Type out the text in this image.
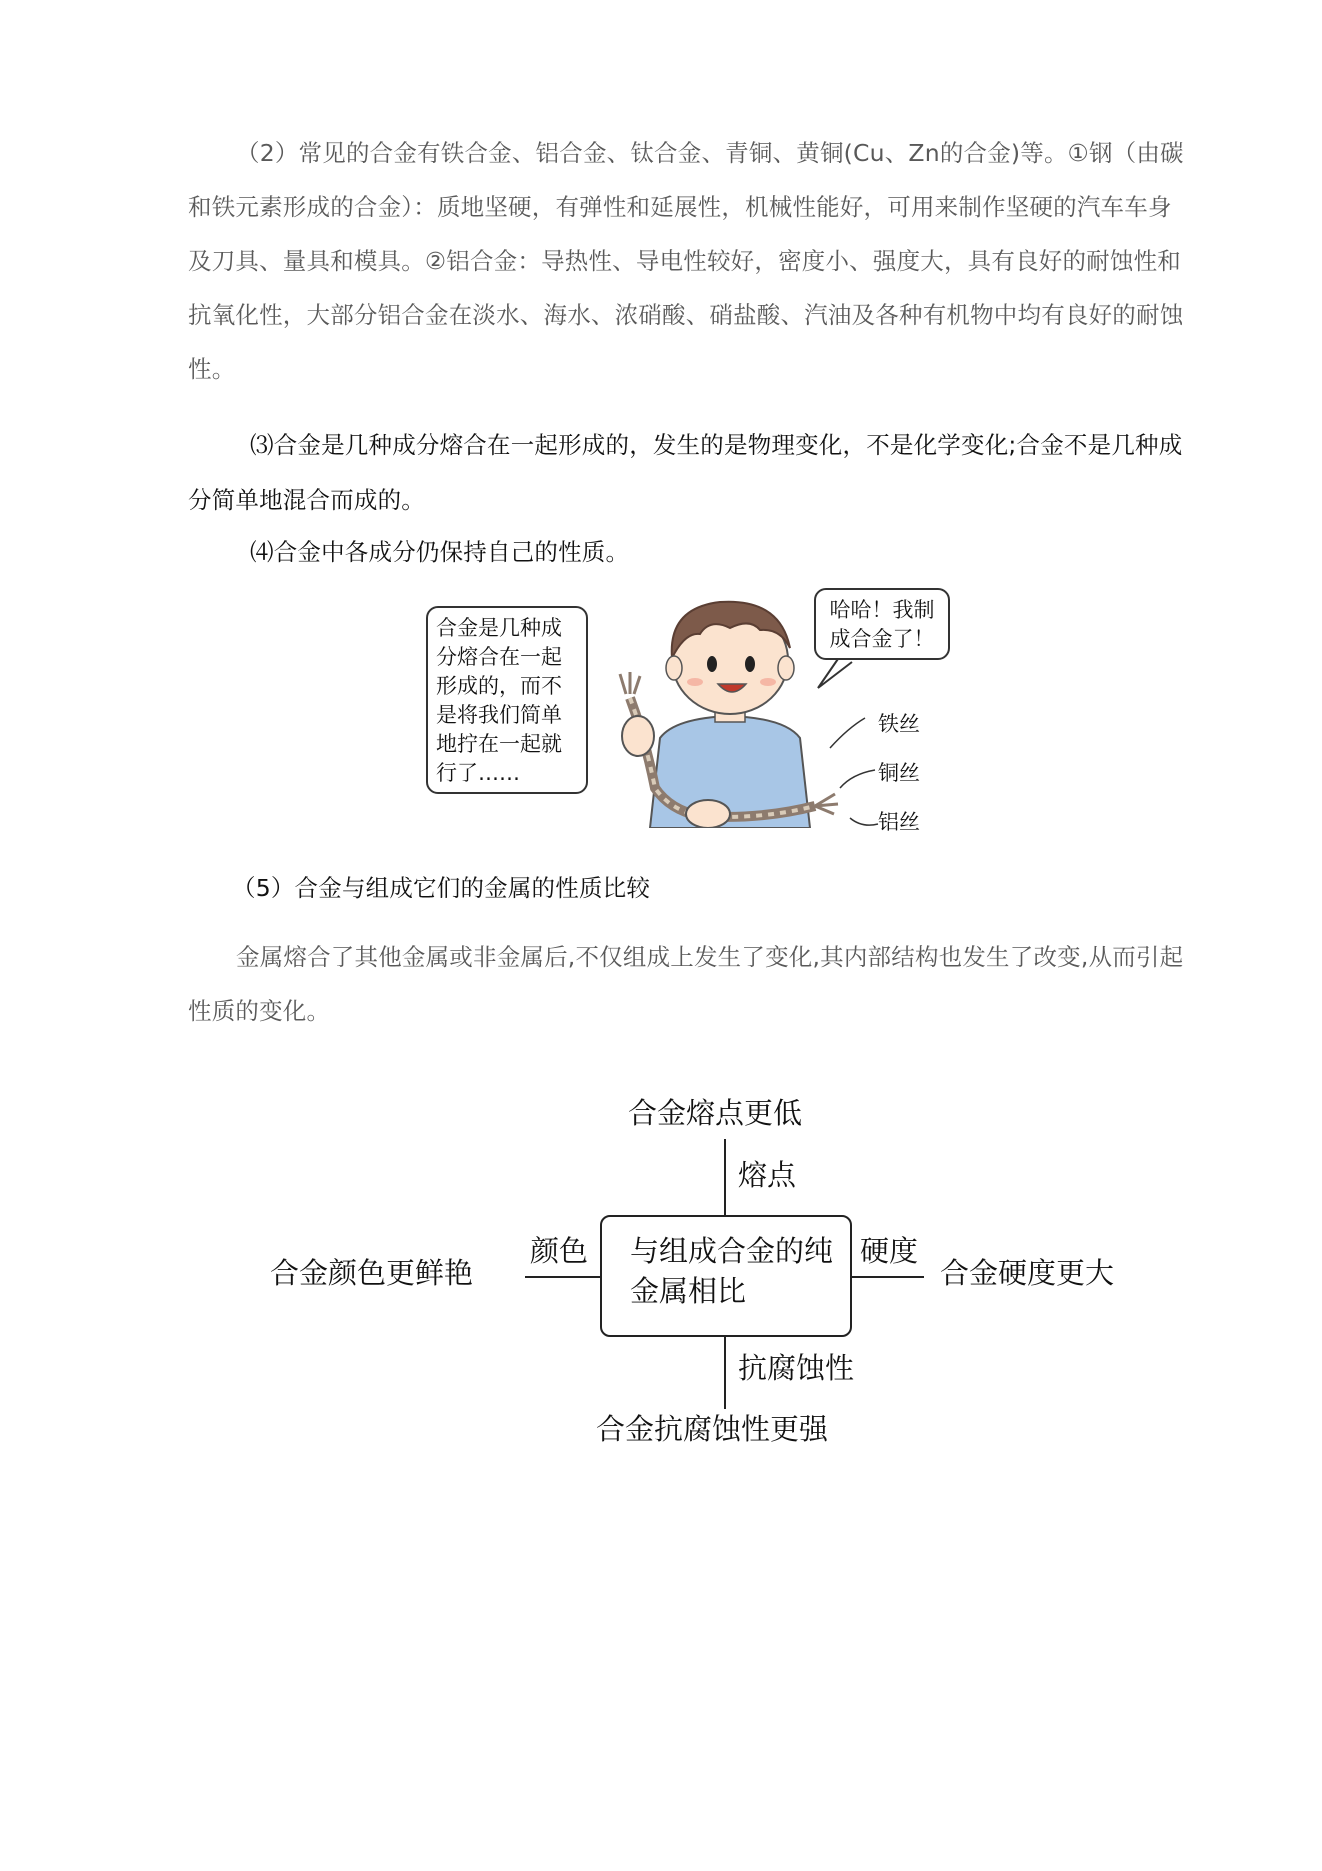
（2）常见的合金有铁合金、铝合金、钛合金、青铜、黄铜(Cu、Zn的合金)等。①钢（由碳和铁元素形成的合金）：质地坚硬，有弹性和延展性，机械性能好，可用来制作坚硬的汽车车身及刀具、量具和模具。②铝合金：导热性、导电性较好，密度小、强度大，具有良好的耐蚀性和抗氧化性，大部分铝合金在淡水、海水、浓硝酸、硝盐酸、汽油及各种有机物中均有良好的耐蚀性。

⑶合金是几种成分熔合在一起形成的，发生的是物理变化，不是化学变化;合金不是几种成分简单地混合而成的。

⑷合金中各成分仍保持自己的性质。

合金是几种成分熔合在一起形成的，而不是将我们简单地拧在一起就行了……
哈哈！我制成合金了！
铁丝
铜丝
铝丝

（5）合金与组成它们的金属的性质比较

金属熔合了其他金属或非金属后,不仅组成上发生了变化,其内部结构也发生了改变,从而引起性质的变化。

合金熔点更低
熔点
合金颜色更鲜艳
颜色	与组成合金的纯金属相比
硬度
合金硬度更大
抗腐蚀性
合金抗腐蚀性更强
